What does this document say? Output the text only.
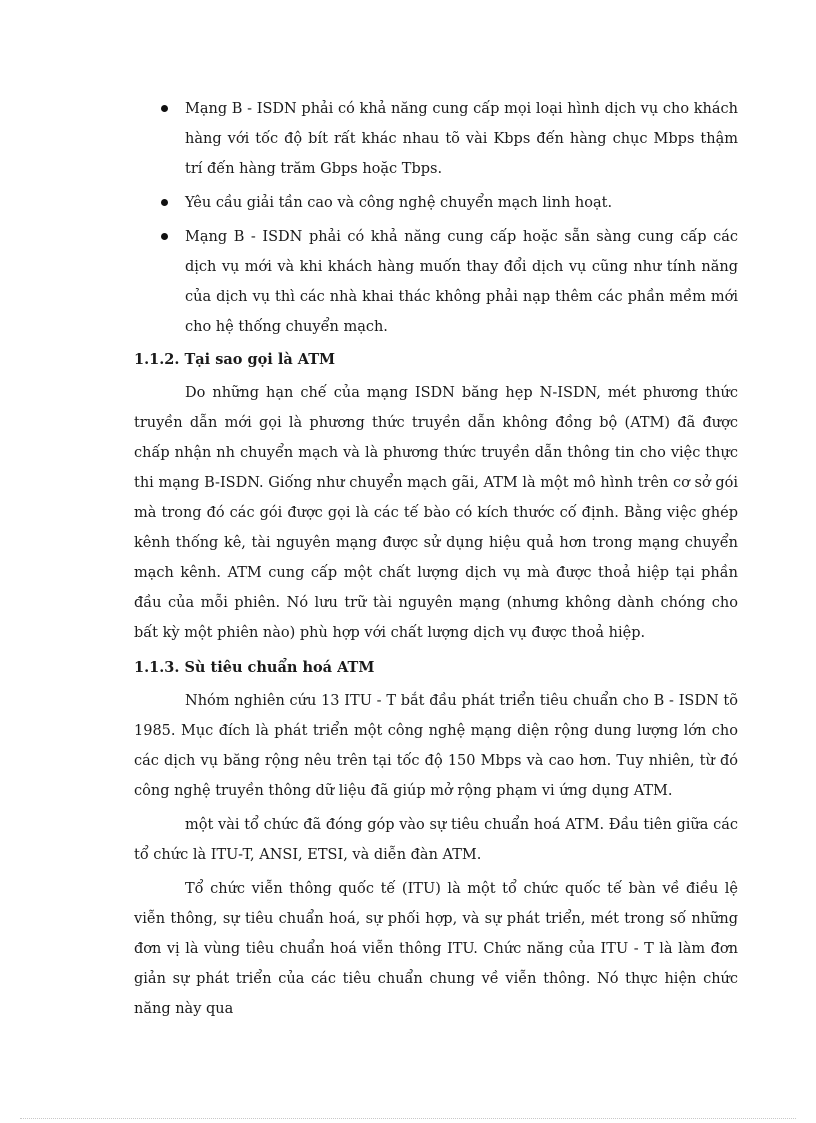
Mạng B - ISDN phải có khả năng cung cấp mọi loại hình dịch vụ cho khách hàng với tốc độ bít rất khác nhau tõ vài Kbps đến hàng chục Mbps thậm trí đến hàng trăm Gbps hoặc Tbps.
Yêu cầu giải tần cao và công nghệ chuyển mạch linh hoạt.
Mạng B - ISDN phải có khả năng cung cấp hoặc sẵn sàng cung cấp các dịch vụ mới và khi khách hàng muốn thay đổi dịch vụ cũng như tính năng của dịch vụ thì các nhà khai thác không phải nạp thêm các phần mềm mới cho hệ thống chuyển mạch.
1.1.2. Tại sao gọi là ATM

Do những hạn chế của mạng ISDN băng hẹp N-ISDN, mét phương thức truyền dẫn mới gọi là phương thức truyền dẫn không đồng bộ (ATM) đã được chấp nhận nh chuyển mạch và là phương thức truyền dẫn thông tin cho việc thực thi mạng B-ISDN. Giống như chuyển mạch gãi, ATM là một mô hình trên cơ sở gói mà trong đó các gói được gọi là các tế bào có kích thước cố định. Bằng việc ghép kênh thống kê, tài nguyên mạng được sử dụng hiệu quả hơn trong mạng chuyển mạch kênh. ATM cung cấp một chất lượng dịch vụ mà được thoả hiệp tại phần đầu của mỗi phiên. Nó lưu trữ tài nguyên mạng (nhưng không dành chóng cho bất kỳ một phiên nào) phù hợp với chất lượng dịch vụ được thoả hiệp.

1.1.3. Sù tiêu chuẩn hoá ATM

Nhóm nghiên cứu 13 ITU - T bắt đầu phát triển tiêu chuẩn cho B - ISDN tõ 1985. Mục đích là phát triển một công nghệ mạng diện rộng dung lượng lớn cho các dịch vụ băng rộng nêu trên tại tốc độ 150 Mbps và cao hơn. Tuy nhiên, từ đó công nghệ truyền thông dữ liệu đã giúp mở rộng phạm vi ứng dụng ATM.

một vài tổ chức đã đóng góp vào sự tiêu chuẩn hoá ATM. Đầu tiên giữa các tổ chức là ITU-T, ANSI, ETSI, và diễn đàn ATM.

Tổ chức viễn thông quốc tế (ITU) là một tổ chức quốc tế bàn về điều lệ viễn thông, sự tiêu chuẩn hoá, sự phối hợp, và sự phát triển, mét trong số những đơn vị là vùng tiêu chuẩn hoá viễn thông ITU. Chức năng của ITU - T là làm đơn giản sự phát triển của các tiêu chuẩn chung về viễn thông. Nó thực hiện chức năng này qua
